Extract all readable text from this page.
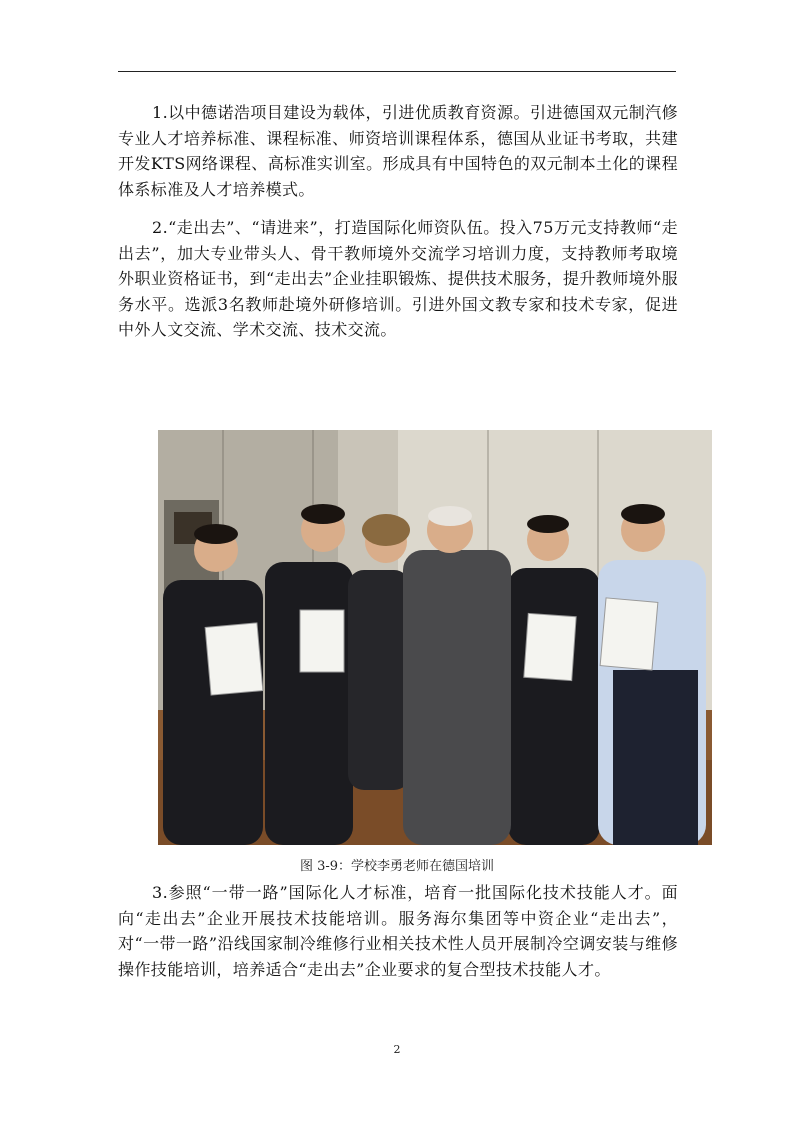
1.以中德诺浩项目建设为载体，引进优质教育资源。引进德国双元制汽修专业人才培养标准、课程标准、师资培训课程体系，德国从业证书考取，共建开发KTS网络课程、高标准实训室。形成具有中国特色的双元制本土化的课程体系标准及人才培养模式。

2.“走出去”、“请进来”，打造国际化师资队伍。投入75万元支持教师“走出去”，加大专业带头人、骨干教师境外交流学习培训力度，支持教师考取境外职业资格证书，到“走出去”企业挂职锻炼、提供技术服务，提升教师境外服务水平。选派3名教师赴境外研修培训。引进外国文教专家和技术专家，促进中外人文交流、学术交流、技术交流。

图 3-9：学校李勇老师在德国培训

3.参照“一带一路”国际化人才标准，培育一批国际化技术技能人才。面向“走出去”企业开展技术技能培训。服务海尔集团等中资企业“走出去”，对“一带一路”沿线国家制冷维修行业相关技术性人员开展制冷空调安装与维修操作技能培训，培养适合“走出去”企业要求的复合型技术技能人才。

2
